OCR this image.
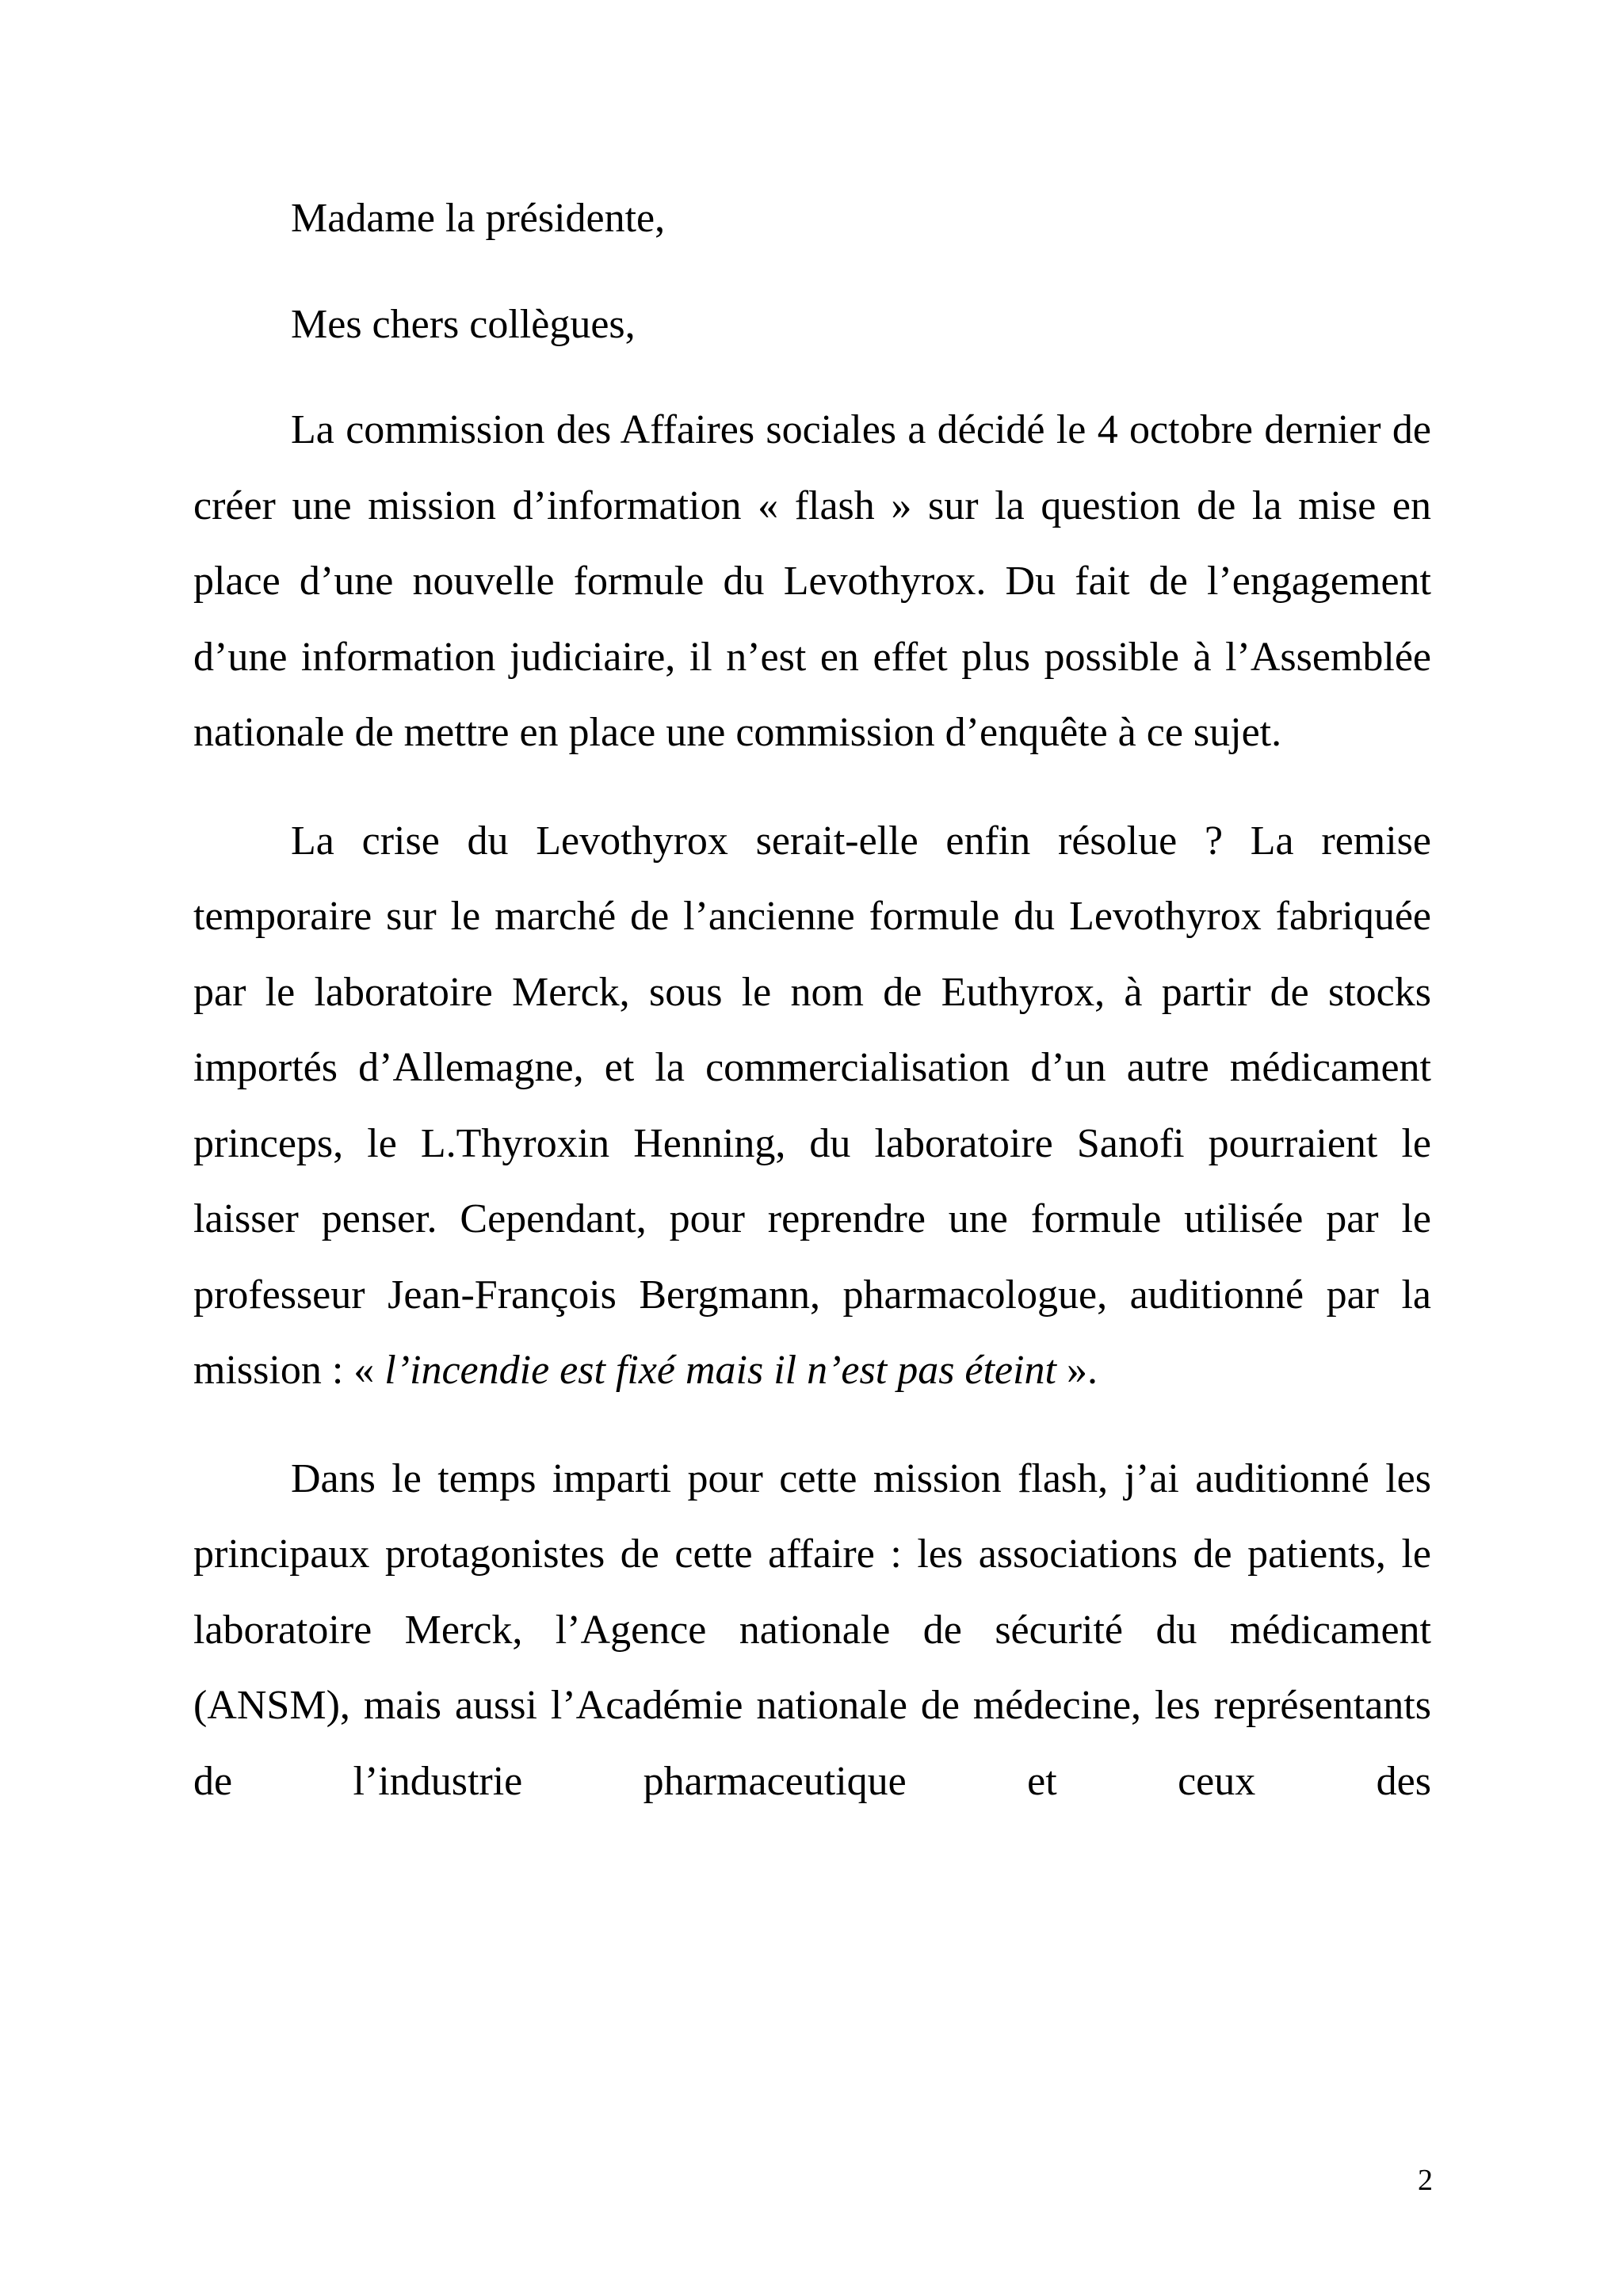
Madame la présidente,

Mes chers collègues,

La commission des Affaires sociales a décidé le 4 octobre dernier de créer une mission d’information « flash » sur la question de la mise en place d’une nouvelle formule du Levothyrox. Du fait de l’engagement d’une information judiciaire, il n’est en effet plus possible à l’Assemblée nationale de mettre en place une commission d’enquête à ce sujet.

La crise du Levothyrox serait-elle enfin résolue ? La remise temporaire sur le marché de l’ancienne formule du Levothyrox fabriquée par le laboratoire Merck, sous le nom de Euthyrox, à partir de stocks importés d’Allemagne, et la commercialisation d’un autre médicament princeps, le L.Thyroxin Henning, du laboratoire Sanofi pourraient le laisser penser. Cependant, pour reprendre une formule utilisée par le professeur Jean-François Bergmann, pharmacologue, auditionné par la mission : « l’incendie est fixé mais il n’est pas éteint ».

Dans le temps imparti pour cette mission flash, j’ai auditionné les principaux protagonistes de cette affaire : les associations de patients, le laboratoire Merck, l’Agence nationale de sécurité du médicament (ANSM), mais aussi l’Académie nationale de médecine, les représentants de l’industrie pharmaceutique et ceux des

2
